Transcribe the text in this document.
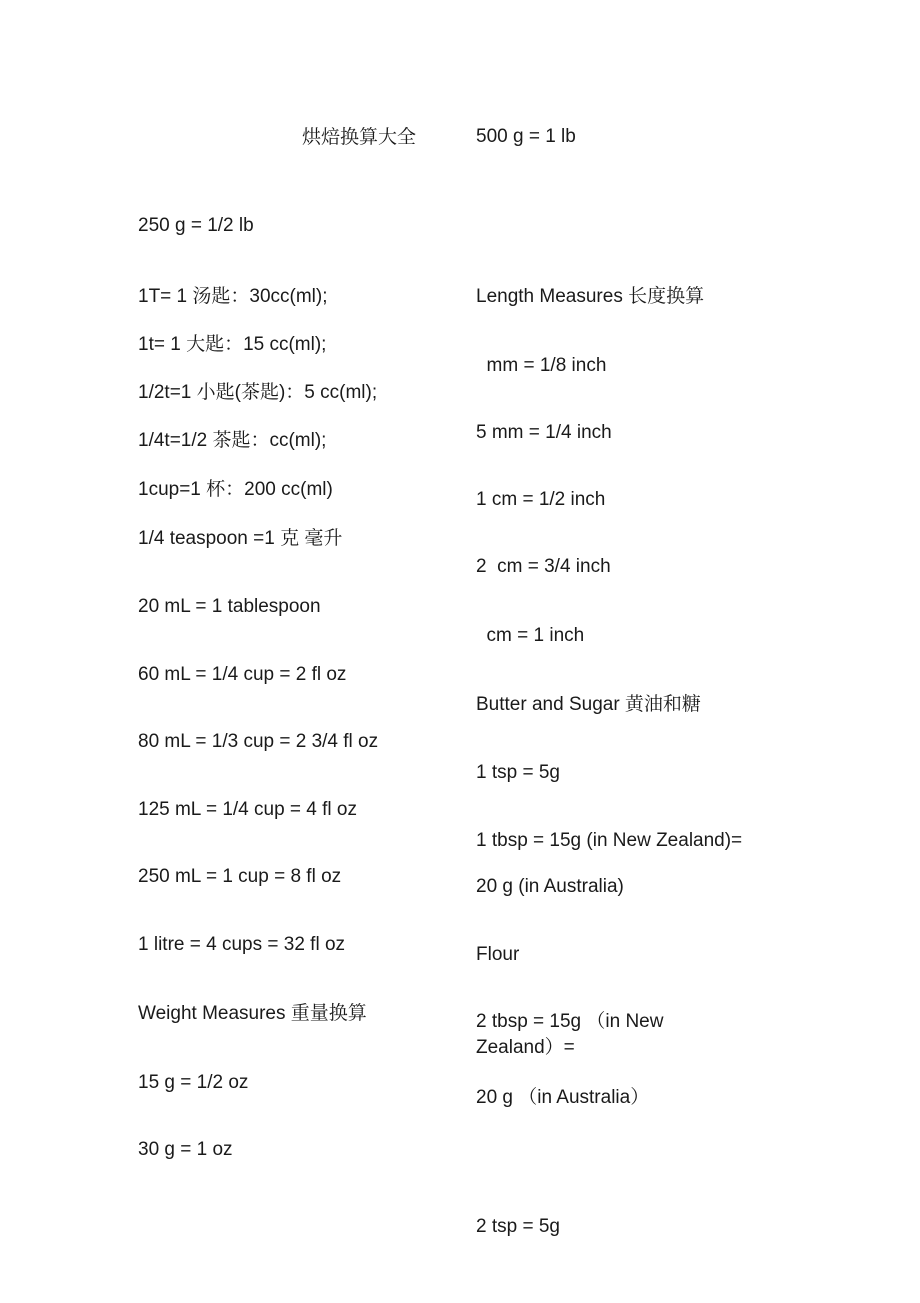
烘焙换算大全	500 g = 1 lb
250 g = 1/2 lb
1T= 1 汤匙：30cc(ml);
1t= 1 大匙：15 cc(ml);
1/2t=1 小匙(茶匙)：5 cc(ml);
1/4t=1/2 茶匙：cc(ml);
1cup=1 杯：200 cc(ml)
1/4 teaspoon =1 克 毫升
20 mL = 1 tablespoon
60 mL = 1/4 cup = 2 fl oz
80 mL = 1/3 cup = 2 3/4 fl oz
125 mL = 1/4 cup = 4 fl oz
250 mL = 1 cup = 8 fl oz
1 litre = 4 cups = 32 fl oz
Weight Measures 重量换算
15 g = 1/2 oz
30 g = 1 oz
Length Measures 长度换算
mm = 1/8 inch
5 mm = 1/4 inch
1 cm = 1/2 inch
2  cm = 3/4 inch
cm = 1 inch
Butter and Sugar 黄油和糖
1 tsp = 5g
1 tbsp = 15g (in New Zealand)=
20 g (in Australia)
Flour
2 tbsp = 15g （in New Zealand）=
20 g （in Australia）
2 tsp = 5g
